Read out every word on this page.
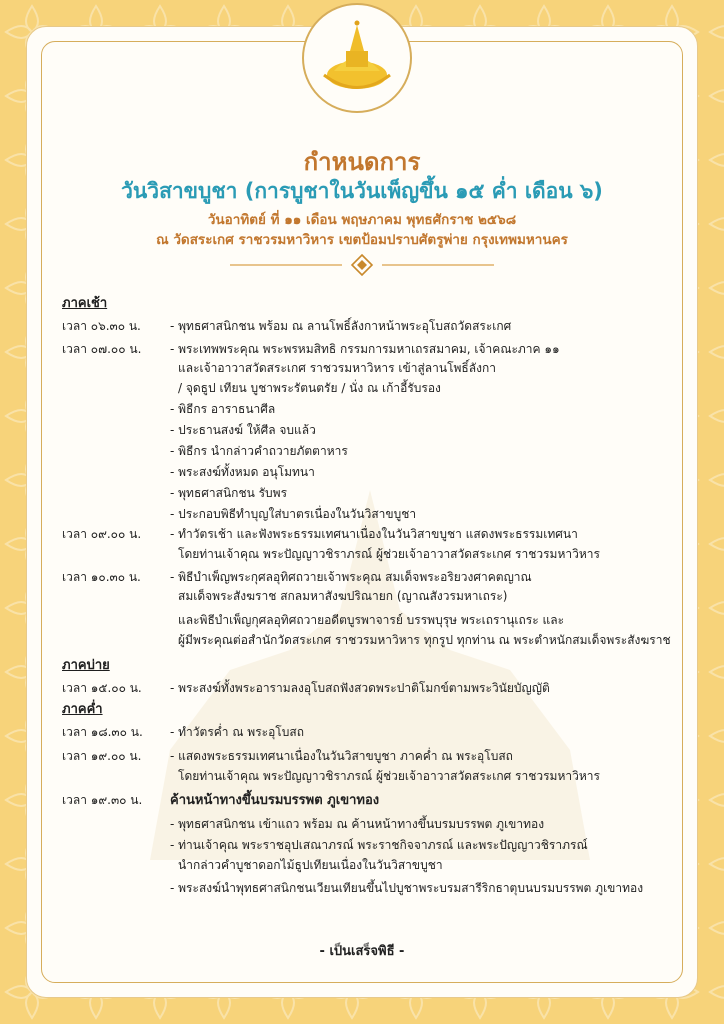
กำหนดการ
วันวิสาขบูชา (การบูชาในวันเพ็ญขึ้น ๑๕ ค่ำ เดือน ๖)
วันอาทิตย์ ที่ ๑๑ เดือน พฤษภาคม พุทธศักราช ๒๕๖๘
ณ วัดสระเกศ ราชวรมหาวิหาร เขตป้อมปราบศัตรูพ่าย กรุงเทพมหานคร
ภาคเช้า
เวลา ๐๖.๓๐ น. - พุทธศาสนิกชน พร้อม ณ ลานโพธิ์ลังกาหน้าพระอุโบสถวัดสระเกศ
เวลา ๐๗.๐๐ น. - พระเทพพระคุณ พระพรหมสิทธิ กรรมการมหาเถรสมาคม, เจ้าคณะภาค ๑๑
และเจ้าอาวาสวัดสระเกศ ราชวรมหาวิหาร เข้าสู่ลานโพธิ์ลังกา
/ จุดธูป เทียน บูชาพระรัตนตรัย / นั่ง ณ เก้าอี้รับรอง
- พิธีกร อาราธนาศีล
- ประธานสงฆ์ ให้ศีล จบแล้ว
- พิธีกร นำกล่าวคำถวายภัตตาหาร
- พระสงฆ์ทั้งหมด อนุโมทนา
- พุทธศาสนิกชน รับพร
- ประกอบพิธีทำบุญใส่บาตรเนื่องในวันวิสาขบูชา
เวลา ๐๙.๐๐ น. - ทำวัตรเช้า และฟังพระธรรมเทศนาเนื่องในวันวิสาขบูชา แสดงพระธรรมเทศนา
โดยท่านเจ้าคุณ พระปัญญาวชิราภรณ์ ผู้ช่วยเจ้าอาวาสวัดสระเกศ ราชวรมหาวิหาร
เวลา ๑๐.๓๐ น. - พิธีบำเพ็ญพระกุศลอุทิศถวายเจ้าพระคุณ สมเด็จพระอริยวงศาคตญาณ
สมเด็จพระสังฆราช สกลมหาสังฆปริณายก (ญาณสังวรมหาเถระ)
และพิธีบำเพ็ญกุศลอุทิศถวายอดีตบูรพาจารย์ บรรพบุรุษ พระเถรานุเถระ และ
ผู้มีพระคุณต่อสำนักวัดสระเกศ ราชวรมหาวิหาร ทุกรูป ทุกท่าน ณ พระตำหนักสมเด็จพระสังฆราช
ภาคบ่าย
เวลา ๑๕.๐๐ น. - พระสงฆ์ทั้งพระอารามลงอุโบสถฟังสวดพระปาติโมกข์ตามพระวินัยบัญญัติ
ภาคค่ำ
เวลา ๑๘.๓๐ น. - ทำวัตรค่ำ ณ พระอุโบสถ
เวลา ๑๙.๐๐ น. - แสดงพระธรรมเทศนาเนื่องในวันวิสาขบูชา ภาคค่ำ ณ พระอุโบสถ
โดยท่านเจ้าคุณ พระปัญญาวชิราภรณ์ ผู้ช่วยเจ้าอาวาสวัดสระเกศ ราชวรมหาวิหาร
เวลา ๑๙.๓๐ น. ค้านหน้าทางขึ้นบรมบรรพต ภูเขาทอง
- พุทธศาสนิกชน เข้าแถว พร้อม ณ ค้านหน้าทางขึ้นบรมบรรพต ภูเขาทอง
- ท่านเจ้าคุณ พระราชอุปเสณาภรณ์ พระราชกิจจาภรณ์ และพระปัญญาวชิราภรณ์
นำกล่าวคำบูชาดอกไม้ธูปเทียนเนื่องในวันวิสาขบูชา
- พระสงฆ์นำพุทธศาสนิกชนเวียนเทียนขึ้นไปบูชาพระบรมสารีริกธาตุบนบรมบรรพต ภูเขาทอง
- เป็นเสร็จพิธี -
